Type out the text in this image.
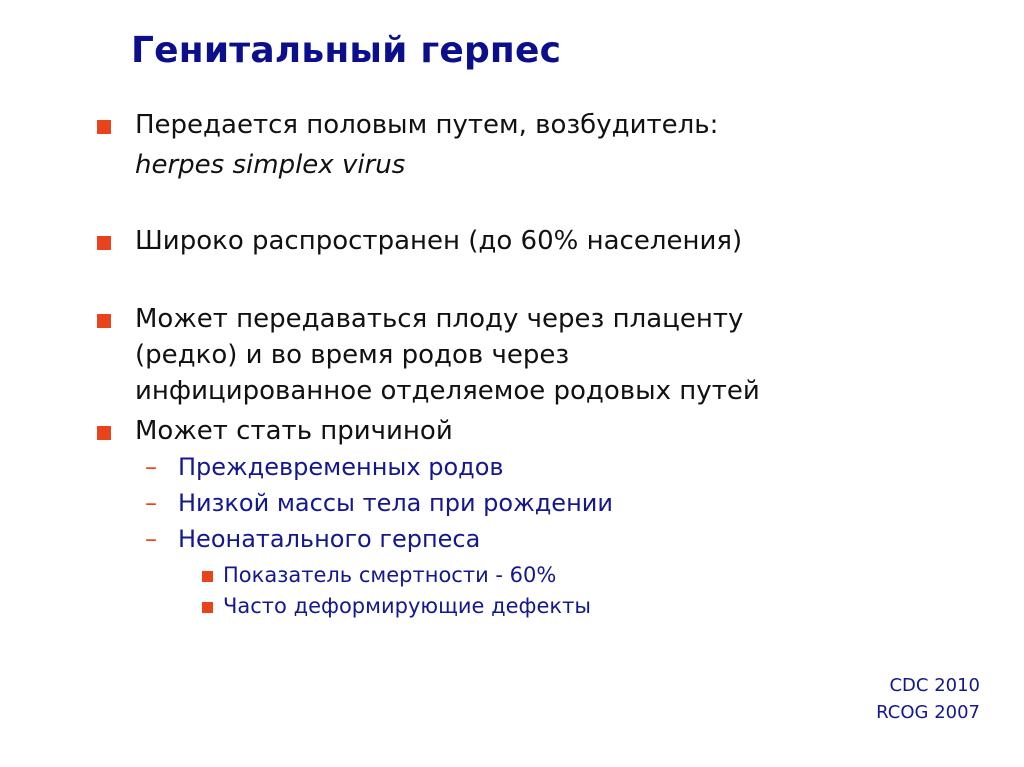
Генитальный герпес
Передается половым путем, возбудитель:
herpes simplex virus
Широко распространен (до 60% населения)
Может передаваться плоду через плаценту
(редко) и во время родов через
инфицированное отделяемое родовых путей
Может стать причиной
– Преждевременных родов
– Низкой массы тела при рождении
– Неонатального герпеса
Показатель смертности - 60%
Часто деформирующие дефекты
CDC 2010
RCOG 2007
